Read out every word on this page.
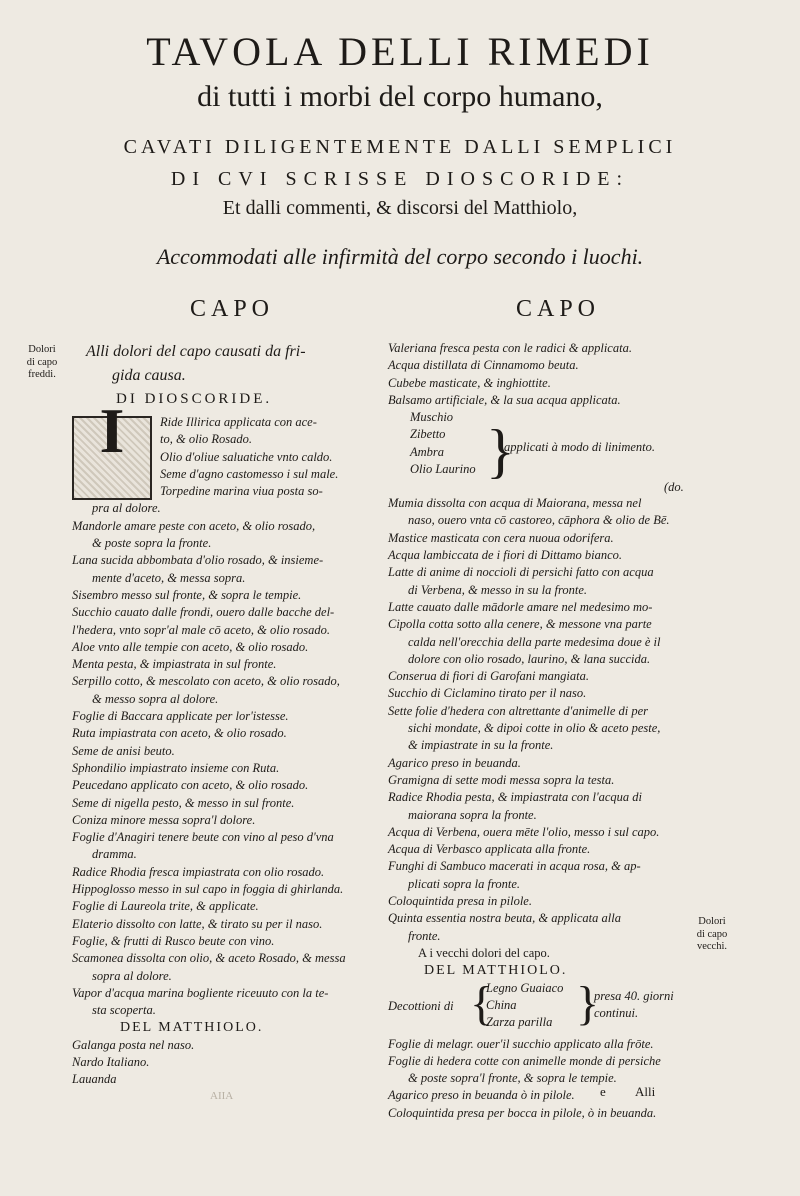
TAVOLA DELLI RIMEDI
di tutti i morbi del corpo humano,
CAVATI DILIGENTEMENTE DALLI SEMPLICI
DI CVI SCRISSE DIOSCORIDE:
Et dalli commenti, & discorsi del Matthiolo,
Accommodati alle infirmità del corpo secondo i luochi.
CAPO	CAPO
Dolori
di capo
freddi.
Dolori
di capo
vecchi.
Alli dolori del capo causati da fri-
gida causa.
DI DIOSCORIDE.
I	Ride Illirica applicata con ace-
to, & olio Rosado.
Olio d'oliue saluatiche vnto caldo.
Seme d'agno castomesso i sul male.
Torpedine marina viua posta so-
pra al dolore.
Mandorle amare peste con aceto, & olio rosado,
& poste sopra la fronte.
Lana sucida abbombata d'olio rosado, & insieme-
mente d'aceto, & messa sopra.
Sisembro messo sul fronte, & sopra le tempie.
Succhio cauato dalle frondi, ouero dalle bacche del-
l'hedera, vnto sopr'al male cō aceto, & olio rosado.
Aloe vnto alle tempie con aceto, & olio rosado.
Menta pesta, & impiastrata in sul fronte.
Serpillo cotto, & mescolato con aceto, & olio rosado,
& messo sopra al dolore.
Foglie di Baccara applicate per lor'istesse.
Ruta impiastrata con aceto, & olio rosado.
Seme de anisi beuto.
Sphondilio impiastrato insieme con Ruta.
Peucedano applicato con aceto, & olio rosado.
Seme di nigella pesto, & messo in sul fronte.
Coniza minore messa sopra'l dolore.
Foglie d'Anagiri tenere beute con vino al peso d'vna
dramma.
Radice Rhodia fresca impiastrata con olio rosado.
Hippoglosso messo in sul capo in foggia di ghirlanda.
Foglie di Laureola trite, & applicate.
Elaterio dissolto con latte, & tirato su per il naso.
Foglie, & frutti di Rusco beute con vino.
Scamonea dissolta con olio, & aceto Rosado, & messa
sopra al dolore.
Vapor d'acqua marina bogliente riceuuto con la te-
sta scoperta.
DEL MATTHIOLO.
Galanga posta nel naso.
Nardo Italiano.
Lauanda
Valeriana fresca pesta con le radici & applicata.
Acqua distillata di Cinnamomo beuta.
Cubebe masticate, & inghiottite.
Balsamo artificiale, & la sua acqua applicata.
Muschio
Zibetto
Ambra
Olio Laurino }
applicati à modo di linimento.
Mumia dissolta con acqua di Maiorana, messa nel
naso, ouero vnta cō castoreo, cāphora & olio de Bē.
Mastice masticata con cera nuoua odorifera.
Acqua lambiccata de i fiori di Dittamo bianco.
Latte di anime di noccioli di persichi fatto con acqua
di Verbena, & messo in su la fronte.
Latte cauato dalle mādorle amare nel medesimo mo-
Cipolla cotta sotto alla cenere, & messone vna parte
calda nell'orecchia della parte medesima doue è il
dolore con olio rosado, laurino, & lana succida.
Conserua di fiori di Garofani mangiata.
Succhio di Ciclamino tirato per il naso.
Sette folie d'hedera con altrettante d'animelle di per
sichi mondate, & dipoi cotte in olio & aceto peste,
& impiastrate in su la fronte.
Agarico preso in beuanda.
Gramigna di sette modi messa sopra la testa.
Radice Rhodia pesta, & impiastrata con l'acqua di
maiorana sopra la fronte.
Acqua di Verbena, ouera mēte l'olio, messo i sul capo.
Acqua di Verbasco applicata alla fronte.
Funghi di Sambuco macerati in acqua rosa, & ap-
plicati sopra la fronte.
Coloquintida presa in pilole.
Quinta essentia nostra beuta, & applicata alla
fronte.
A i vecchi dolori del capo.
DEL MATTHIOLO.
Decottioni di {
Legno Guaiaco
China
Zarza parilla }
presa 40. giorni
continui.
Foglie di melagr. ouer'il succhio applicato alla frōte.
Foglie di hedera cotte con animelle monde di persiche
& poste sopra'l fronte, & sopra le tempie.
Agarico preso in beuanda ò in pilole.
Coloquintida presa per bocca in pilole, ò in beuanda.
(do.
AIIA	e Alli
